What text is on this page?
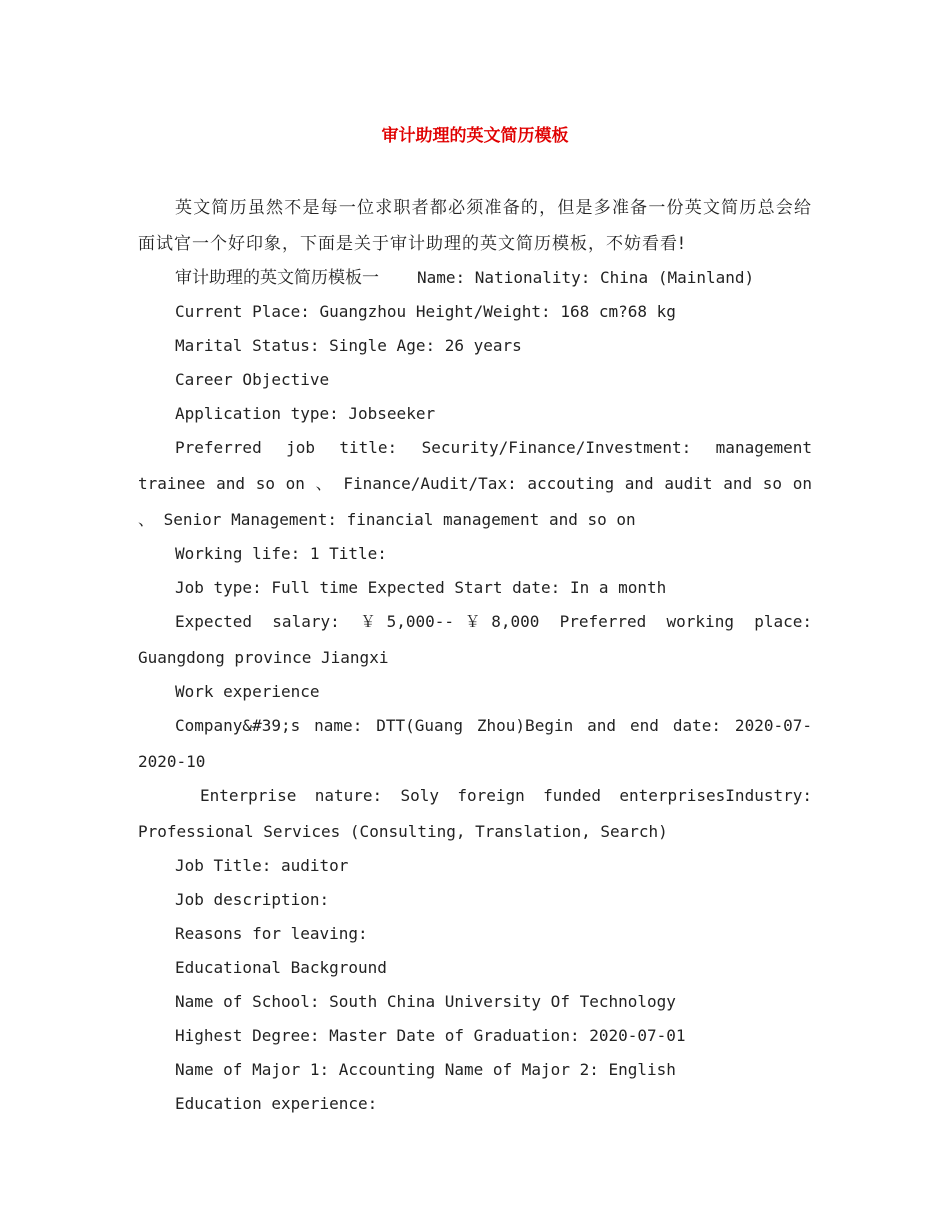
审计助理的英文简历模板

英文简历虽然不是每一位求职者都必须准备的，但是多准备一份英文简历总会给面试官一个好印象，下面是关于审计助理的英文简历模板，不妨看看!

审计助理的英文简历模板一 Name: Nationality: China (Mainland)

Current Place: Guangzhou Height/Weight: 168 cm?68 kg

Marital Status: Single Age: 26 years

Career Objective

Application type: Jobseeker

Preferred job title: Security/Finance/Investment: management trainee and so on 、 Finance/Audit/Tax: accouting and audit and so on 、 Senior Management: financial management and so on

Working life: 1 Title:

Job type: Full time Expected Start date: In a month

Expected salary: ￥5,000--￥8,000 Preferred working place: Guangdong province Jiangxi

Work experience

Company&#39;s name: DTT(Guang Zhou)Begin and end date: 2020-07-2020-10

Enterprise nature: Soly foreign funded enterprisesIndustry: Professional Services (Consulting, Translation, Search)

Job Title: auditor

Job description:

Reasons for leaving:

Educational Background

Name of School: South China University Of Technology

Highest Degree: Master Date of Graduation: 2020-07-01

Name of Major 1: Accounting Name of Major 2: English

Education experience:
